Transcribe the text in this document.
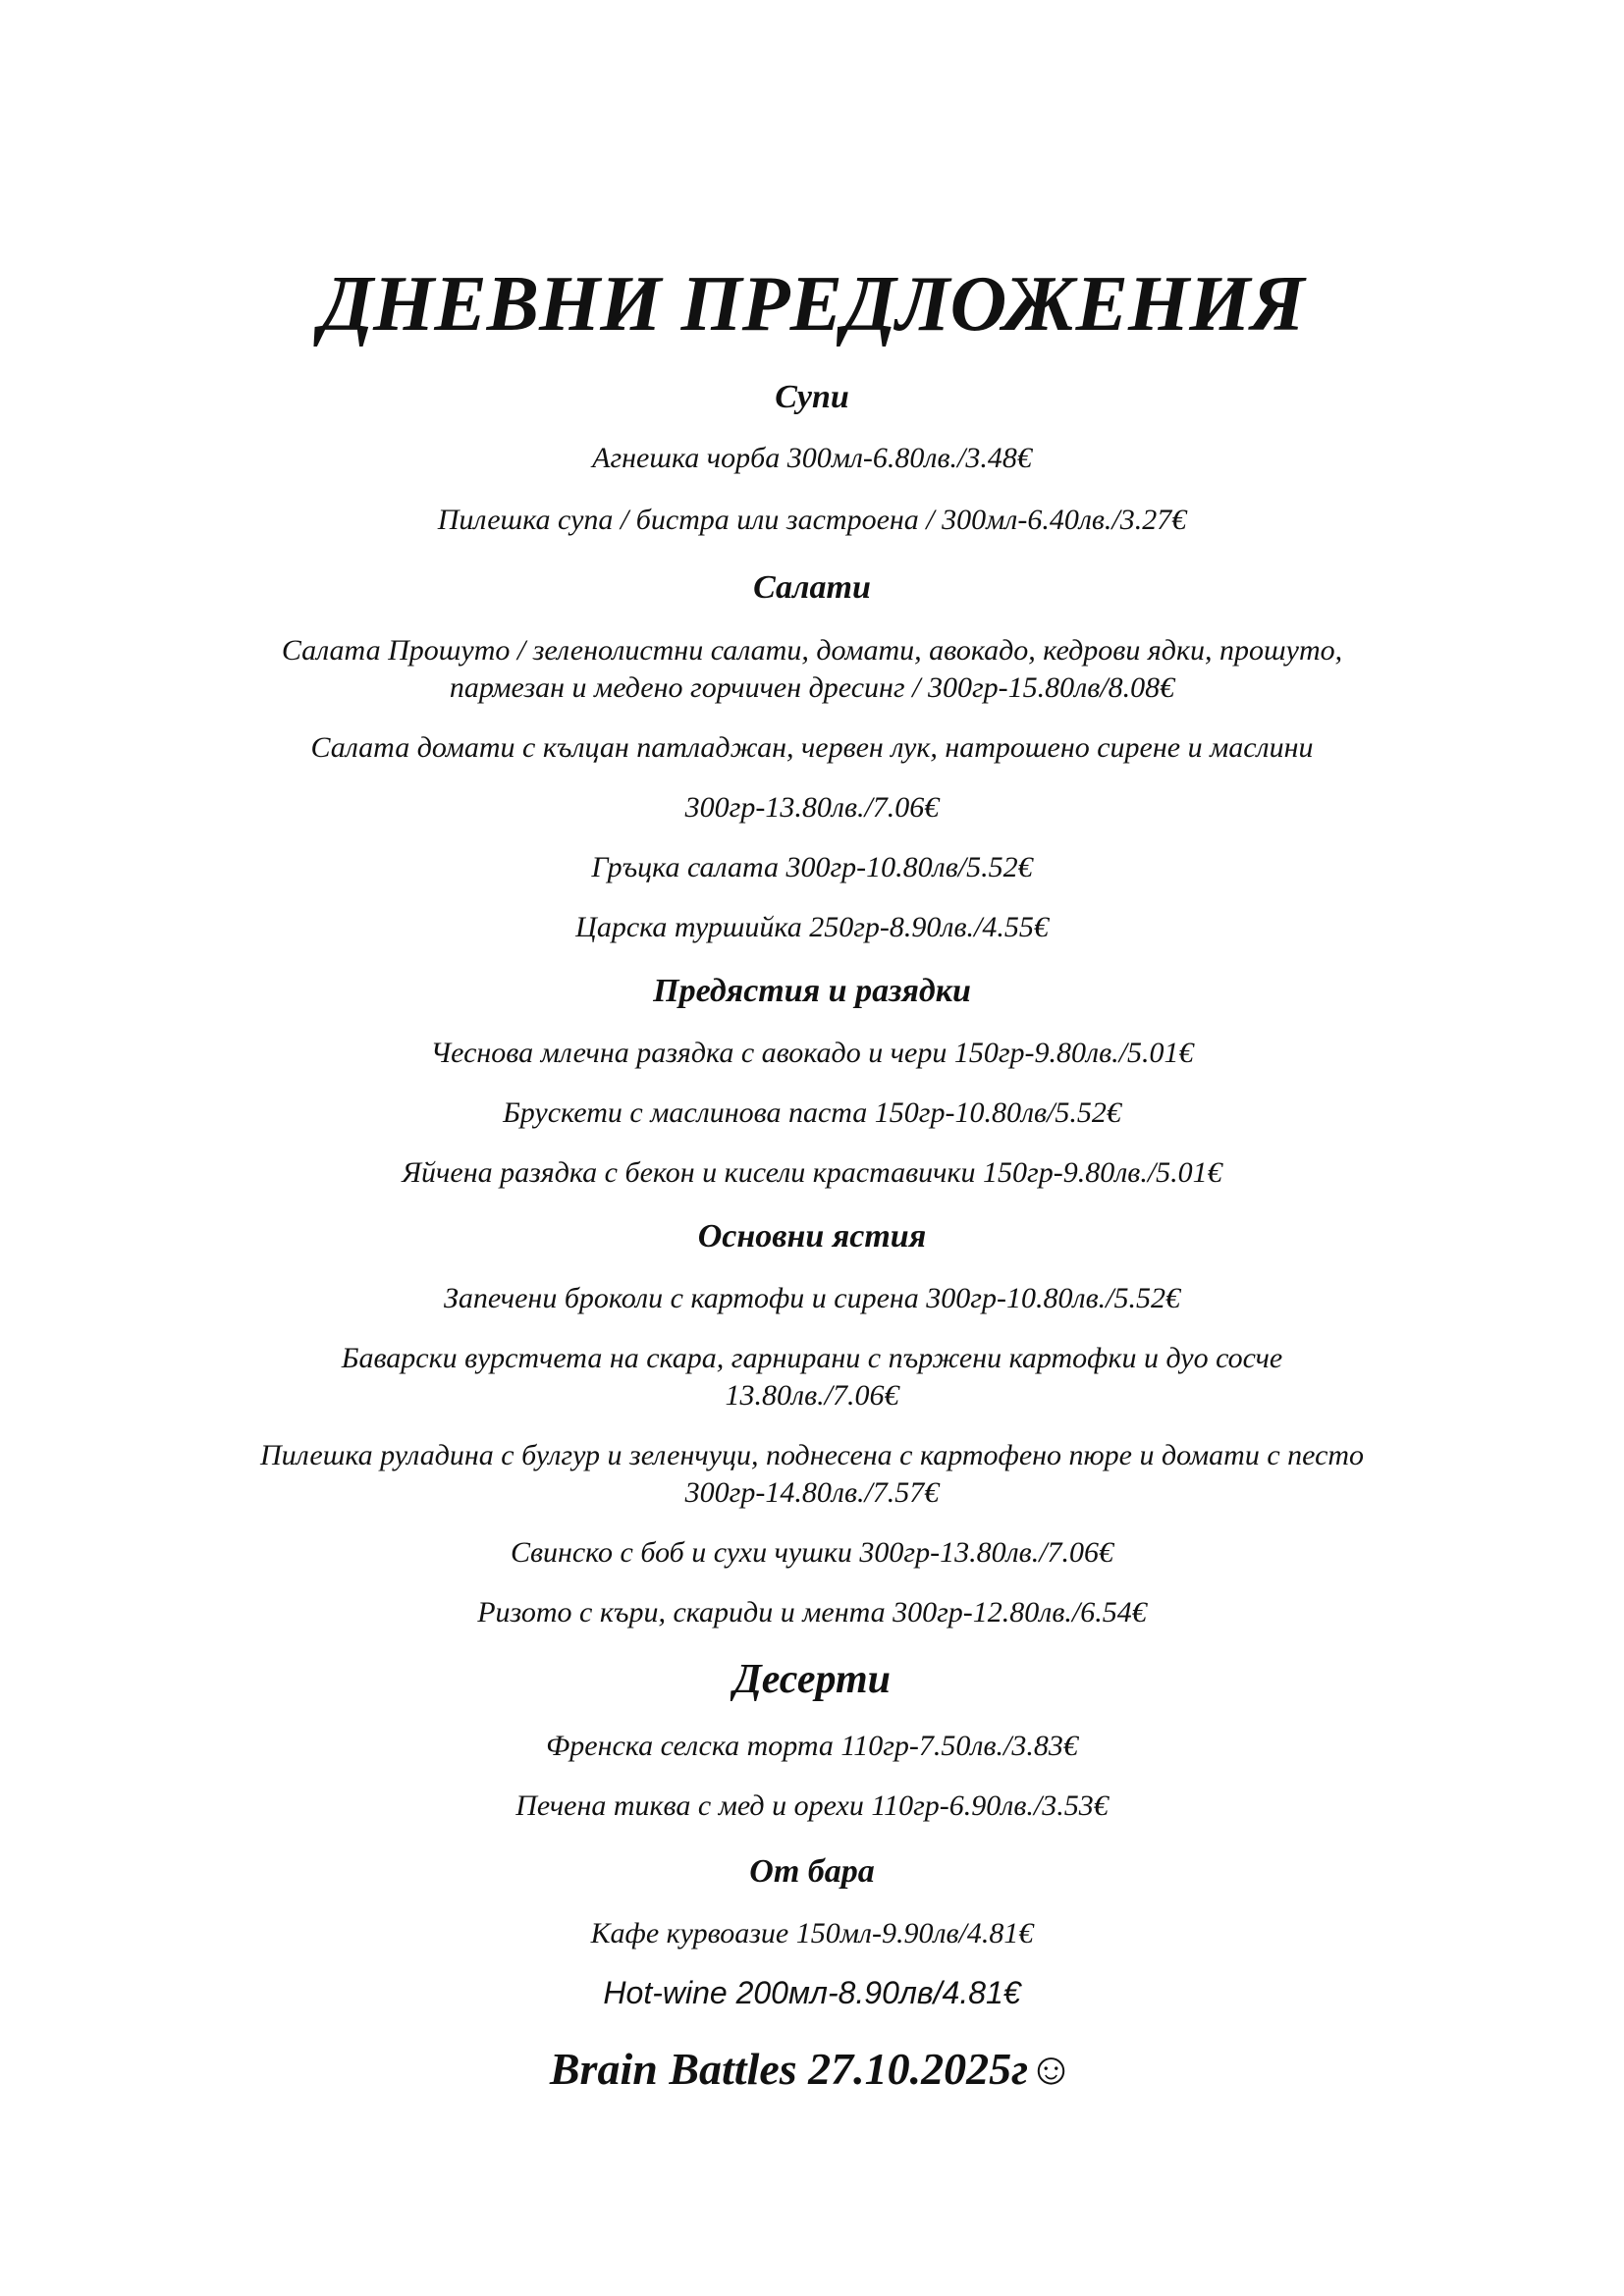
ДНЕВНИ ПРЕДЛОЖЕНИЯ
Супи
Агнешка чорба 300мл-6.80лв./3.48€
Пилешка супа / бистра или застроена / 300мл-6.40лв./3.27€
Салати
Салата Прошуто / зеленолистни салати, домати, авокадо, кедрови ядки, прошуто,
пармезан и медено горчичен дресинг / 300гр-15.80лв/8.08€
Салата домати с кълцан патладжан, червен лук, натрошено сирене и маслини
300гр-13.80лв./7.06€
Гръцка салата 300гр-10.80лв/5.52€
Царска туршийка 250гр-8.90лв./4.55€
Предястия и разядки
Чеснова млечна разядка с авокадо и чери 150гр-9.80лв./5.01€
Брускети с маслинова паста 150гр-10.80лв/5.52€
Яйчена разядка с бекон и кисели краставички 150гр-9.80лв./5.01€
Основни ястия
Запечени броколи с картофи и сирена 300гр-10.80лв./5.52€
Баварски вурстчета на скара, гарнирани с пържени картофки и дуо сосче
13.80лв./7.06€
Пилешка руладина с булгур и зеленчуци, поднесена с картофено пюре и домати с песто
300гр-14.80лв./7.57€
Свинско с боб и сухи чушки 300гр-13.80лв./7.06€
Ризото с къри, скариди и мента 300гр-12.80лв./6.54€
Десерти
Френска селска торта 110гр-7.50лв./3.83€
Печена тиква с мед и орехи 110гр-6.90лв./3.53€
От бара
Кафе курвоазие 150мл-9.90лв/4.81€
Hot-wine 200мл-8.90лв/4.81€
Brain Battles 27.10.2025г☺
